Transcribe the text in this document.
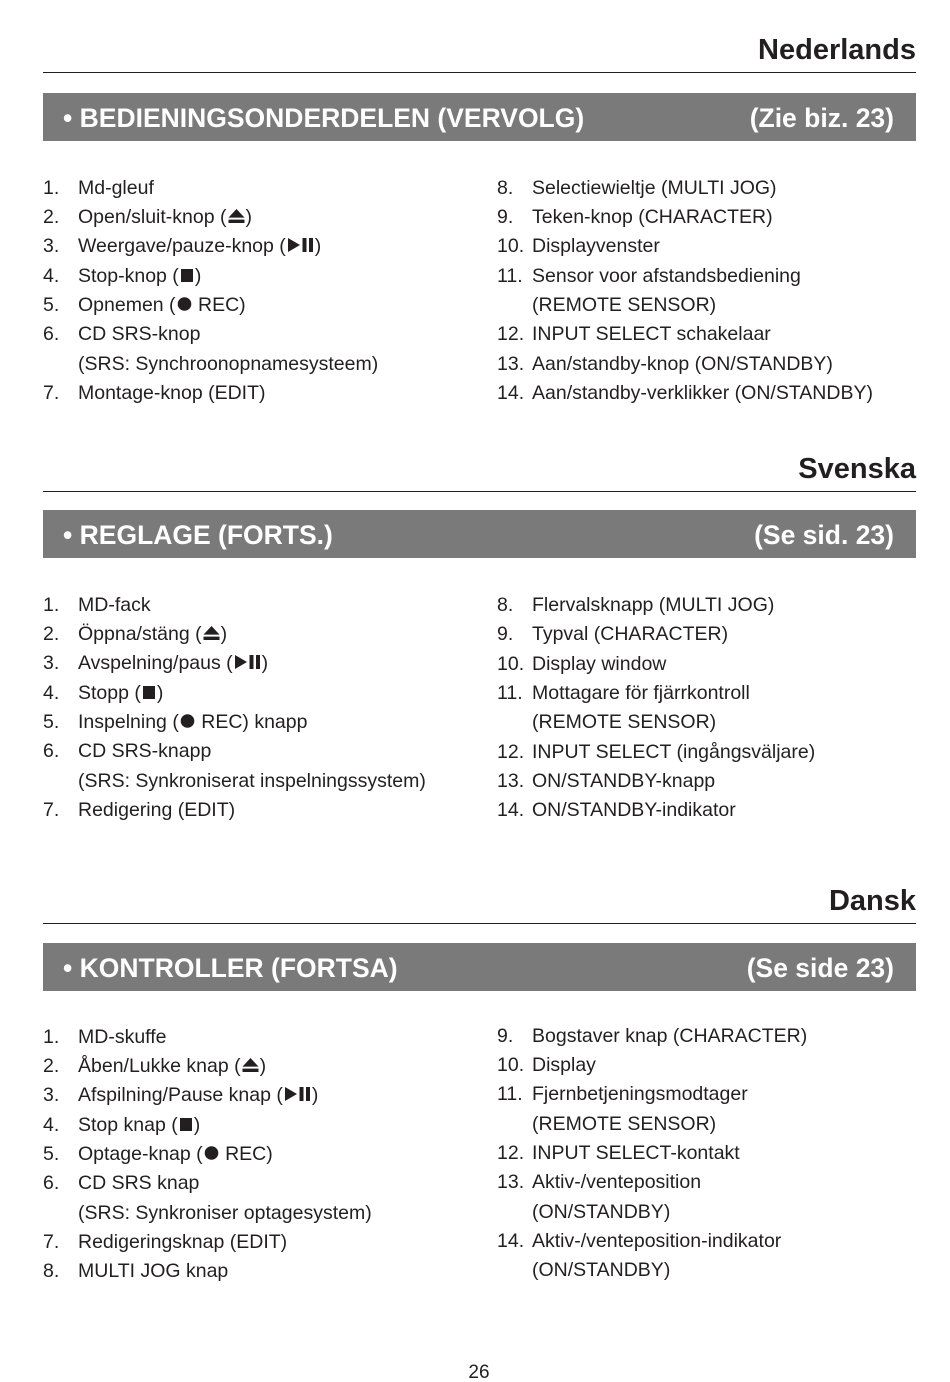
Nederlands
• BEDIENINGSONDERDELEN (VERVOLG)	(Zie biz. 23)
1. Md-gleuf
2. Open/sluit-knop ( )
3. Weergave/pauze-knop ( )
4. Stop-knop ( )
5. Opnemen ( REC)
6. CD SRS-knop
(SRS: Synchroonopnamesysteem)
7. Montage-knop (EDIT)
8. Selectiewieltje (MULTI JOG)
9. Teken-knop (CHARACTER)
10. Displayvenster
11. Sensor voor afstandsbediening
(REMOTE SENSOR)
12. INPUT SELECT schakelaar
13. Aan/standby-knop (ON/STANDBY)
14. Aan/standby-verklikker (ON/STANDBY)
Svenska
• REGLAGE (FORTS.)	(Se sid. 23)
1. MD-fack
2. Öppna/stäng ( )
3. Avspelning/paus ( )
4. Stopp ( )
5. Inspelning ( REC) knapp
6. CD SRS-knapp
(SRS: Synkroniserat inspelningssystem)
7. Redigering (EDIT)
8. Flervalsknapp (MULTI JOG)
9. Typval (CHARACTER)
10. Display window
11. Mottagare för fjärrkontroll
(REMOTE SENSOR)
12. INPUT SELECT (ingångsväljare)
13. ON/STANDBY-knapp
14. ON/STANDBY-indikator
Dansk
• KONTROLLER (FORTSA)	(Se side 23)
1. MD-skuffe
2. Åben/Lukke knap ( )
3. Afspilning/Pause knap ( )
4. Stop knap ( )
5. Optage-knap ( REC)
6. CD SRS knap
(SRS: Synkroniser optagesystem)
7. Redigeringsknap (EDIT)
8. MULTI JOG knap
9. Bogstaver knap (CHARACTER)
10. Display
11. Fjernbetjeningsmodtager
(REMOTE SENSOR)
12. INPUT SELECT-kontakt
13. Aktiv-/venteposition
(ON/STANDBY)
14. Aktiv-/venteposition-indikator
(ON/STANDBY)
26
